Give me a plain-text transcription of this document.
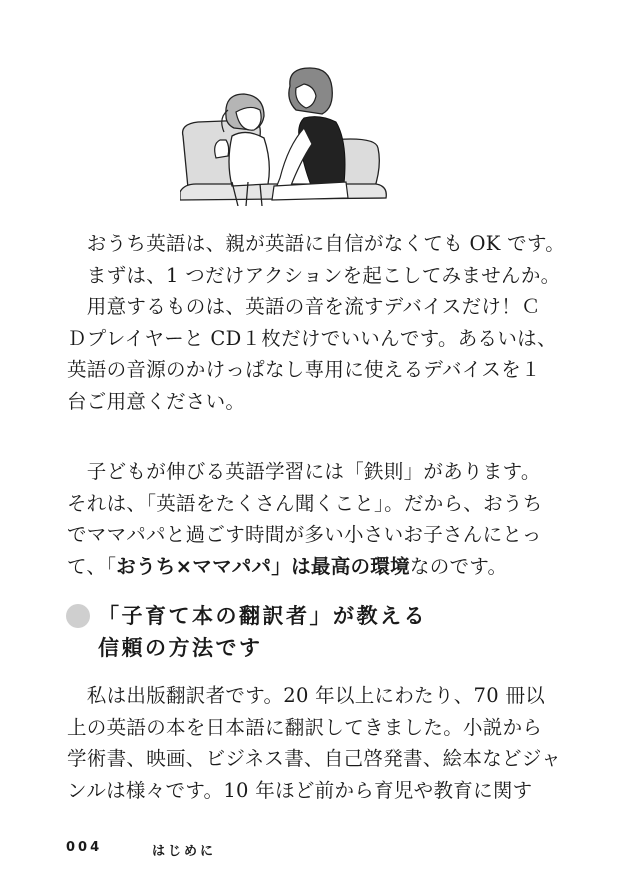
　おうち英語は、親が英語に自信がなくても OK です。
　まずは、1 つだけアクションを起こしてみませんか。
　用意するものは、英語の音を流すデバイスだけ！Ｃ
Ｄプレイヤーと CD１枚だけでいいんです。あるいは、
英語の音源のかけっぱなし専用に使えるデバイスを１
台ご用意ください。
　子どもが伸びる英語学習には「鉄則」があります。
それは、「英語をたくさん聞くこと」。だから、おうち
でママパパと過ごす時間が多い小さいお子さんにとっ
て、「おうち×ママパパ」は最高の環境なのです。
「子育て本の翻訳者」が教える
信頼の方法です
　私は出版翻訳者です。20 年以上にわたり、70 冊以
上の英語の本を日本語に翻訳してきました。小説から
学術書、映画、ビジネス書、自己啓発書、絵本などジャ
ンルは様々です。10 年ほど前から育児や教育に関す
004	はじめに
